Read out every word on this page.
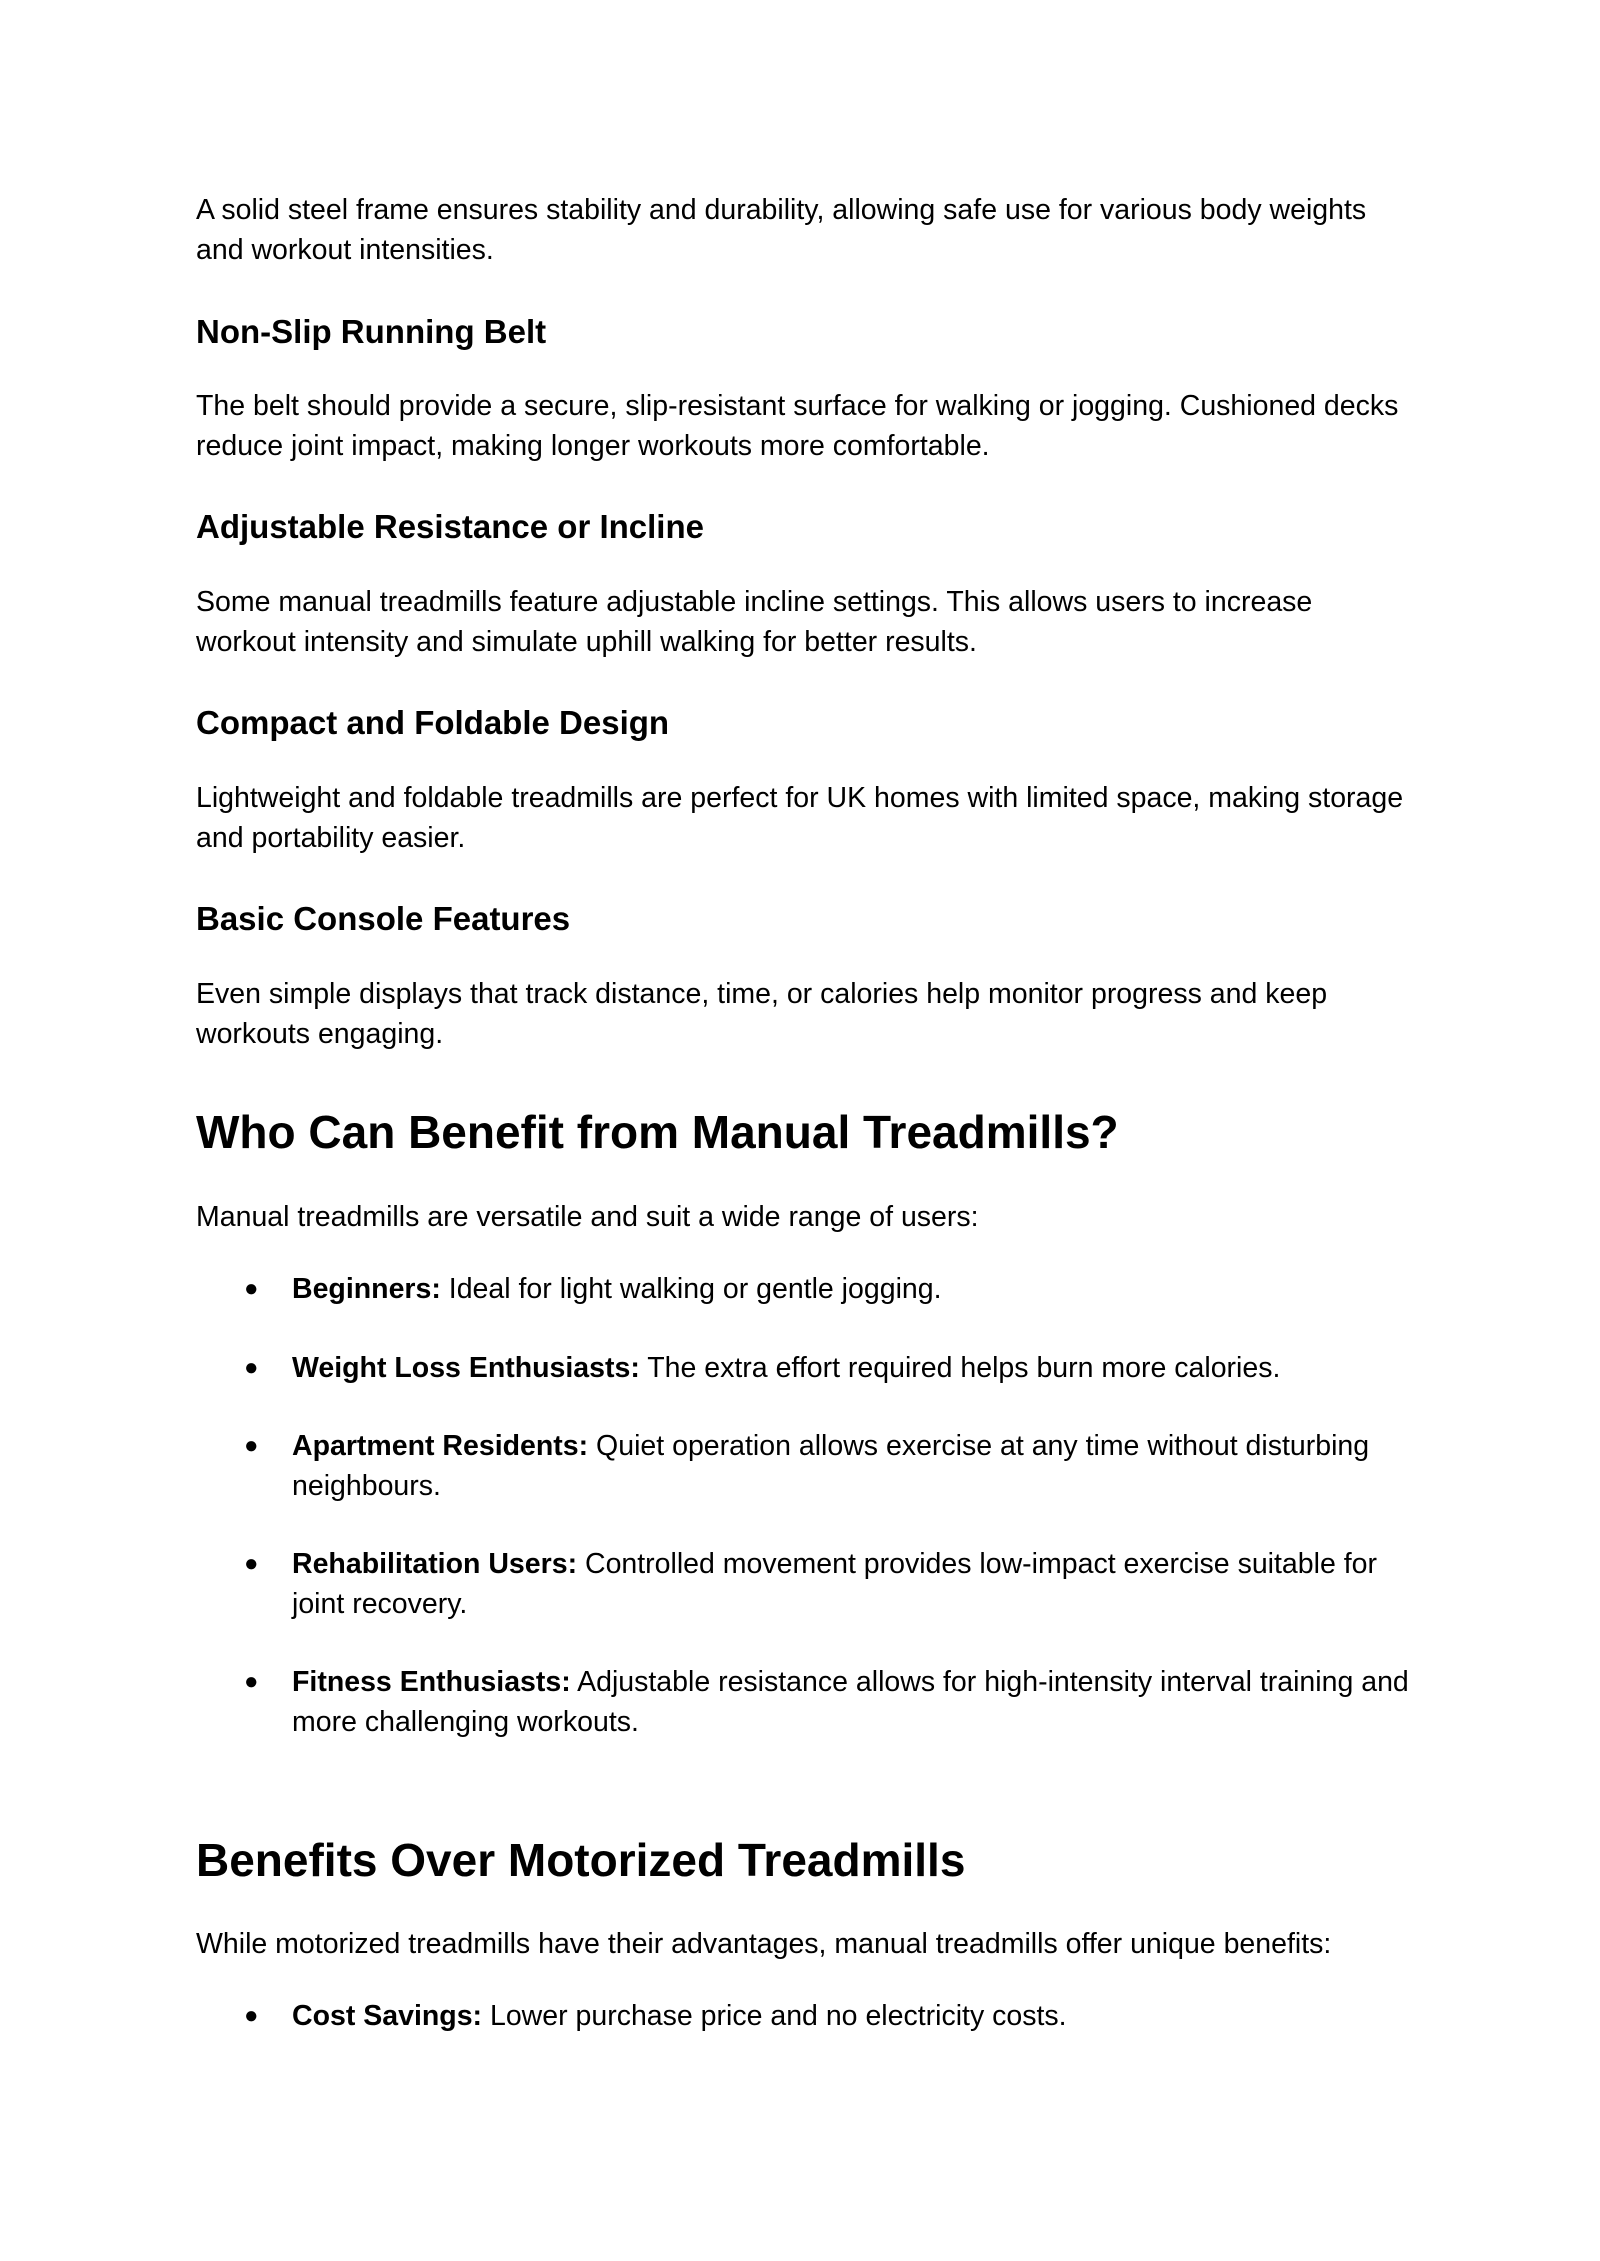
A solid steel frame ensures stability and durability, allowing safe use for various body weights and workout intensities.

Non-Slip Running Belt

The belt should provide a secure, slip-resistant surface for walking or jogging. Cushioned decks reduce joint impact, making longer workouts more comfortable.

Adjustable Resistance or Incline

Some manual treadmills feature adjustable incline settings. This allows users to increase workout intensity and simulate uphill walking for better results.

Compact and Foldable Design

Lightweight and foldable treadmills are perfect for UK homes with limited space, making storage and portability easier.

Basic Console Features

Even simple displays that track distance, time, or calories help monitor progress and keep workouts engaging.

Who Can Benefit from Manual Treadmills?

Manual treadmills are versatile and suit a wide range of users:

● Beginners: Ideal for light walking or gentle jogging.
● Weight Loss Enthusiasts: The extra effort required helps burn more calories.
● Apartment Residents: Quiet operation allows exercise at any time without disturbing neighbours.
● Rehabilitation Users: Controlled movement provides low-impact exercise suitable for joint recovery.
● Fitness Enthusiasts: Adjustable resistance allows for high-intensity interval training and more challenging workouts.
Benefits Over Motorized Treadmills

While motorized treadmills have their advantages, manual treadmills offer unique benefits:

● Cost Savings: Lower purchase price and no electricity costs.
